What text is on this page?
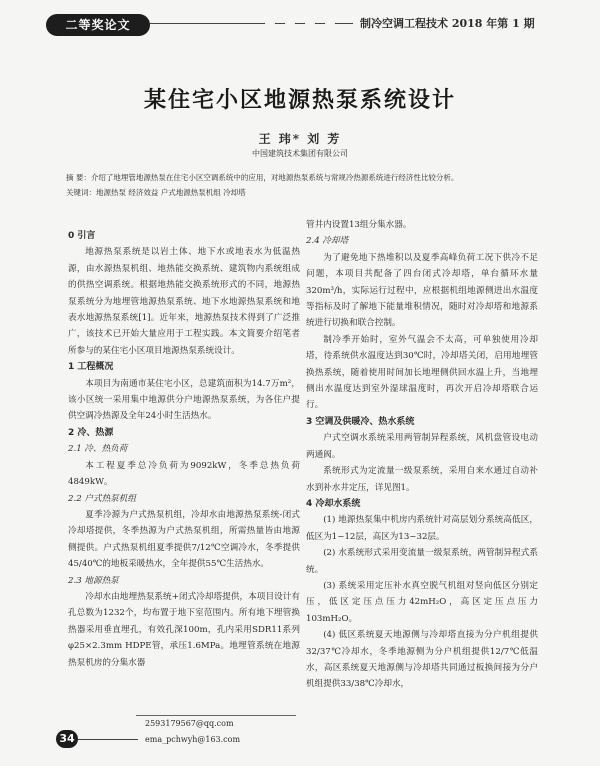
二等奖论文	制冷空调工程技术 2018 年第 1 期
某住宅小区地源热泵系统设计
王 玮* 刘 芳
中国建筑技术集团有限公司
摘 要：介绍了地埋管地源热泵在住宅小区空调系统中的应用，对地源热泵系统与常规冷热源系统进行经济性比较分析。
关键词：地源热泵 经济效益 户式地源热泵机组 冷却塔

0 引言

地源热泵系统是以岩土体、地下水或地表水为低温热源，由水源热泵机组、地热能交换系统、建筑物内系统组成的供热空调系统。根据地热能交换系统形式的不同，地源热泵系统分为地埋管地源热泵系统、地下水地源热泵系统和地表水地源热泵系统[1]。近年来，地源热泵技术得到了广泛推广，该技术已开始大量应用于工程实践。本文简要介绍笔者所参与的某住宅小区项目地源热泵系统设计。

1 工程概况

本项目为南通市某住宅小区，总建筑面积为14.7万m²，该小区统一采用集中地源供分户地源热泵系统，为各住户提供空调冷热源及全年24小时生活热水。

2 冷、热源

2.1 冷、热负荷

本工程夏季总冷负荷为9092kW，冬季总热负荷4849kW。

2.2 户式热泵机组

夏季冷源为户式热泵机组，冷却水由地源热泵系统-闭式冷却塔提供，冬季热源为户式热泵机组，所需热量皆由地源侧提供。户式热泵机组夏季提供7/12℃空调冷水，冬季提供45/40℃的地板采暖热水，全年提供55℃生活热水。

2.3 地源热泵

冷却水由地埋热泵系统+闭式冷却塔提供，本项目设计有孔总数为1232个，均布置于地下室范围内。所有地下埋管换热器采用垂直埋孔，有效孔深100m，孔内采用SDR11系列φ25×2.3mm HDPE管，承压1.6MPa。地埋管系统在地源热泵机房的分集水器

管井内设置13组分集水器。

2.4 冷却塔

为了避免地下热堆积以及夏季高峰负荷工况下供冷不足问题，本项目共配备了四台闭式冷却塔，单台循环水量320m³/h，实际运行过程中，应根据机组地源侧进出水温度等指标及时了解地下能量堆积情况，随时对冷却塔和地源系统进行切换和联合控制。

制冷季开始时，室外气温会不太高，可单独使用冷却塔，待系统供水温度达到30℃时，冷却塔关闭，启用地埋管换热系统，随着使用时间加长地埋侧供回水温上升，当地埋侧出水温度达到室外湿球温度时，再次开启冷却塔联合运行。

3 空调及供暖冷、热水系统

户式空调水系统采用两管制异程系统，风机盘管设电动两通阀。

系统形式为定流量一级泵系统，采用自来水通过自动补水到补水井定压，详见图1。

4 冷却水系统

(1) 地源热泵集中机房内系统针对高层划分系统高低区，低区为1~12层，高区为13~32层。

(2) 水系统形式采用变流量一级泵系统，两管制异程式系统。

(3) 系统采用定压补水真空脱气机组对竖向低区分别定压，低区定压点压力42mH₂O，高区定压点压力103mH₂O。

(4) 低区系统夏天地源侧与冷却塔直接为分户机组提供32/37℃冷却水，冬季地源侧为分户机组提供12/7℃低温水，高区系统夏天地源侧与冷却塔共同通过板换间接为分户机组提供33/38℃冷却水，

2593179567@qq.com
ema_pchwyh@163.com
34
